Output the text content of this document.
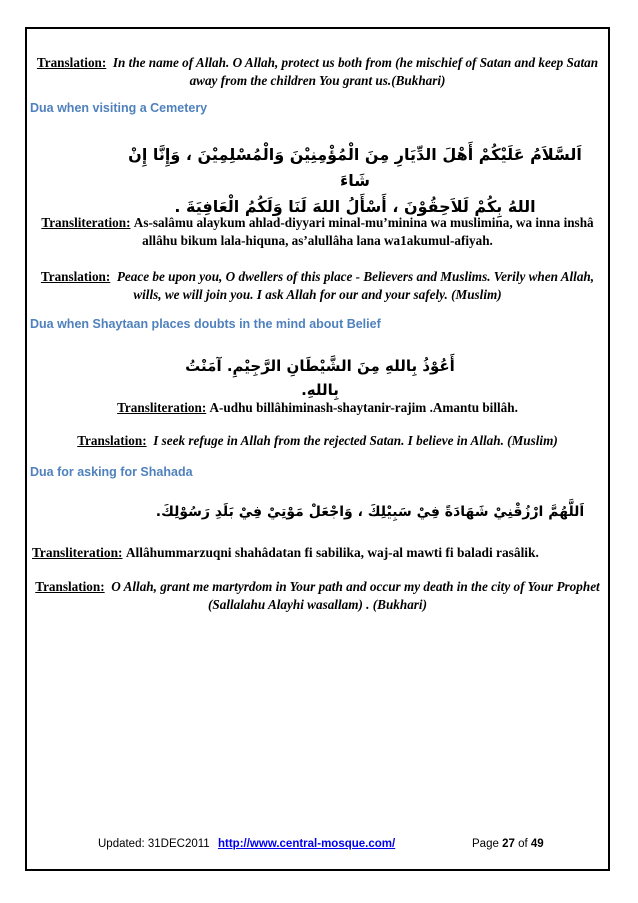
Translation: In the name of Allah. O Allah, protect us both from (he mischief of Satan and keep Satan away from the children You grant us.(Bukhari)
Dua when visiting a Cemetery
اَلسَّلاَمُ عَلَيْكُمْ أَهْلَ الدِّيَارِ مِنَ الْمُؤْمِنِيْنَ وَالْمُسْلِمِيْنَ ، وَإِنَّا إِنْ شَاءَ
اللهُ بِكُمْ لَلاَحِقُوْنَ ، أَسْأَلُ اللهَ لَنَا وَلَكُمُ الْعَافِيَةَ .
Transliteration: As-salâmu alaykum ahlad-diyyari minal-mu’minina wa muslimina, wa inna inshâ allâhu bikum lala-hiquna, as’alullâha lana wa1akumul-afiyah.
Translation: Peace be upon you, O dwellers of this place - Believers and Muslims. Verily when Allah, wills, we will join you. I ask Allah for our and your safely. (Muslim)
Dua when Shaytaan places doubts in the mind about Belief
أَعُوْذُ بِاللهِ مِنَ الشَّيْطَانِ الرَّجِيْمِ. آمَنْتُ بِاللهِ.
Transliteration: A-udhu billâhiminash-shaytanir-rajim .Amantu billâh.
Translation: I seek refuge in Allah from the rejected Satan. I believe in Allah. (Muslim)
Dua for asking for Shahada
اَللَّهُمَّ ارْزُقْنِيْ شَهَادَةً فِيْ سَبِيْلِكَ ، وَاجْعَلْ مَوْتِيْ فِيْ بَلَدِ رَسُوْلِكَ.
Transliteration: Allâhummarzuqni shahâdatan fi sabilika, waj-al mawti fi baladi rasâlik.
Translation: O Allah, grant me martyrdom in Your path and occur my death in the city of Your Prophet (Sallalahu Alayhi wasallam) . (Bukhari)
Updated: 31DEC2011 http://www.central-mosque.com/	Page 27 of 49
